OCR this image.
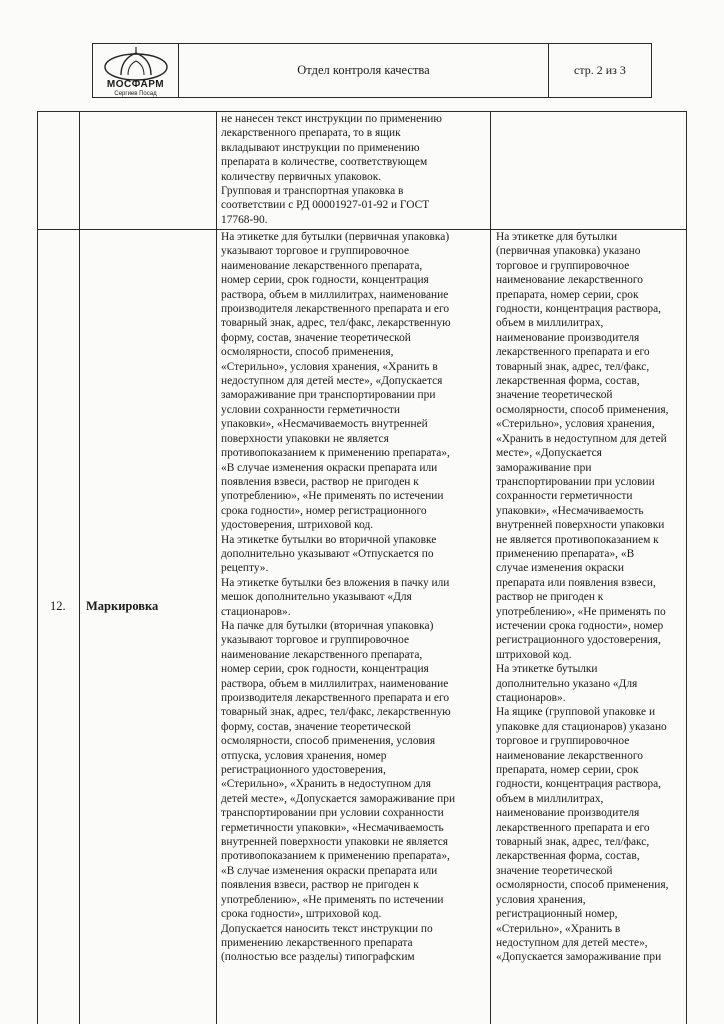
МОСФАРМ
Сергиев Посад
Отдел контроля качества	стр. 2 из 3
не нанесен текст инструкции по применению
лекарственного препарата, то в ящик
вкладывают инструкции по применению
препарата в количестве, соответствующем
количеству первичных упаковок.
Групповая и транспортная упаковка в
соответствии с РД 00001927-01-92 и ГОСТ
17768-90.
12. Маркировка
На этикетке для бутылки (первичная упаковка)
указывают торговое и группировочное
наименование лекарственного препарата,
номер серии, срок годности, концентрация
раствора, объем в миллилитрах, наименование
производителя лекарственного препарата и его
товарный знак, адрес, тел/факс, лекарственную
форму, состав, значение теоретической
осмолярности, способ применения,
«Стерильно», условия хранения, «Хранить в
недоступном для детей месте», «Допускается
замораживание при транспортировании при
условии сохранности герметичности
упаковки», «Несмачиваемость внутренней
поверхности упаковки не является
противопоказанием к применению препарата»,
«В случае изменения окраски препарата или
появления взвеси, раствор не пригоден к
употреблению», «Не применять по истечении
срока годности», номер регистрационного
удостоверения, штриховой код.
На этикетке бутылки во вторичной упаковке
дополнительно указывают «Отпускается по
рецепту».
На этикетке бутылки без вложения в пачку или
мешок дополнительно указывают «Для
стационаров».
На пачке для бутылки (вторичная упаковка)
указывают торговое и группировочное
наименование лекарственного препарата,
номер серии, срок годности, концентрация
раствора, объем в миллилитрах, наименование
производителя лекарственного препарата и его
товарный знак, адрес, тел/факс, лекарственную
форму, состав, значение теоретической
осмолярности, способ применения, условия
отпуска, условия хранения, номер
регистрационного удостоверения,
«Стерильно», «Хранить в недоступном для
детей месте», «Допускается замораживание при
транспортировании при условии сохранности
герметичности упаковки», «Несмачиваемость
внутренней поверхности упаковки не является
противопоказанием к применению препарата»,
«В случае изменения окраски препарата или
появления взвеси, раствор не пригоден к
употреблению», «Не применять по истечении
срока годности», штриховой код.
Допускается наносить текст инструкции по
применению лекарственного препарата
(полностью все разделы) типографским
На этикетке для бутылки
(первичная упаковка) указано
торговое и группировочное
наименование лекарственного
препарата, номер серии, срок
годности, концентрация раствора,
объем в миллилитрах,
наименование производителя
лекарственного препарата и его
товарный знак, адрес, тел/факс,
лекарственная форма, состав,
значение теоретической
осмолярности, способ применения,
«Стерильно», условия хранения,
«Хранить в недоступном для детей
месте», «Допускается
замораживание при
транспортировании при условии
сохранности герметичности
упаковки», «Несмачиваемость
внутренней поверхности упаковки
не является противопоказанием к
применению препарата», «В
случае изменения окраски
препарата или появления взвеси,
раствор не пригоден к
употреблению», «Не применять по
истечении срока годности», номер
регистрационного удостоверения,
штриховой код.
На этикетке бутылки
дополнительно указано «Для
стационаров».
На ящике (групповой упаковке и
упаковке для стационаров) указано
торговое и группировочное
наименование лекарственного
препарата, номер серии, срок
годности, концентрация раствора,
объем в миллилитрах,
наименование производителя
лекарственного препарата и его
товарный знак, адрес, тел/факс,
лекарственная форма, состав,
значение теоретической
осмолярности, способ применения,
условия хранения,
регистрационный номер,
«Стерильно», «Хранить в
недоступном для детей месте»,
«Допускается замораживание при
